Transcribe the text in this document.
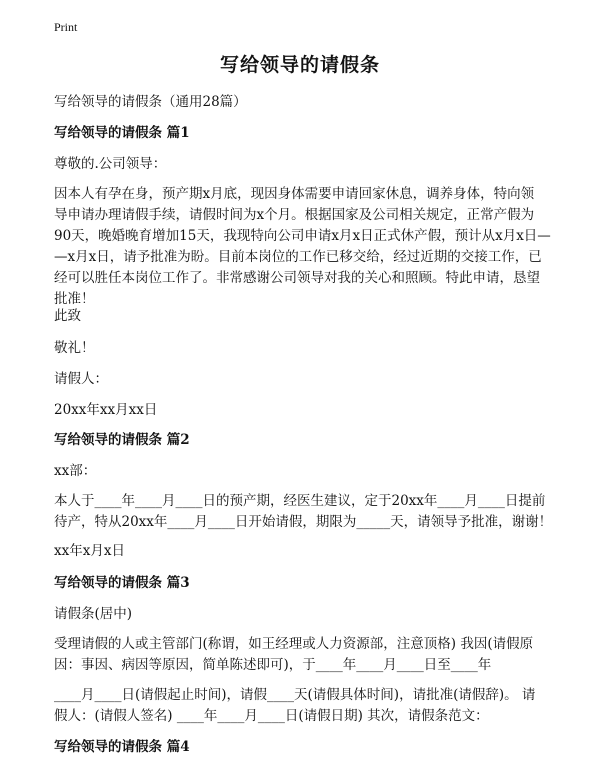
Print
写给领导的请假条
写给领导的请假条（通用28篇）
写给领导的请假条 篇1
尊敬的.公司领导：
因本人有孕在身，预产期x月底，现因身体需要申请回家休息，调养身体，特向领
导申请办理请假手续，请假时间为x个月。根据国家及公司相关规定，正常产假为
90天，晚婚晚育增加15天，我现特向公司申请x月x日正式休产假，预计从x月x日—
—x月x日，请予批准为盼。目前本岗位的工作已移交给，经过近期的交接工作，已
经可以胜任本岗位工作了。非常感谢公司领导对我的关心和照顾。特此申请，恳望
批准！
此致
敬礼！
请假人：
20xx年xx月xx日
写给领导的请假条 篇2
xx部：
本人于____年____月____日的预产期，经医生建议，定于20xx年____月____日提前
待产，特从20xx年____月____日开始请假，期限为_____天，请领导予批准，谢谢！
xx年x月x日
写给领导的请假条 篇3
请假条(居中)
受理请假的人或主管部门(称谓，如王经理或人力资源部，注意顶格) 我因(请假原
因：事因、病因等原因，简单陈述即可)，于____年____月____日至____年
____月____日(请假起止时间)，请假____天(请假具体时间)，请批准(请假辞)。 请
假人：(请假人签名) ____年____月____日(请假日期) 其次，请假条范文：
写给领导的请假条 篇4
